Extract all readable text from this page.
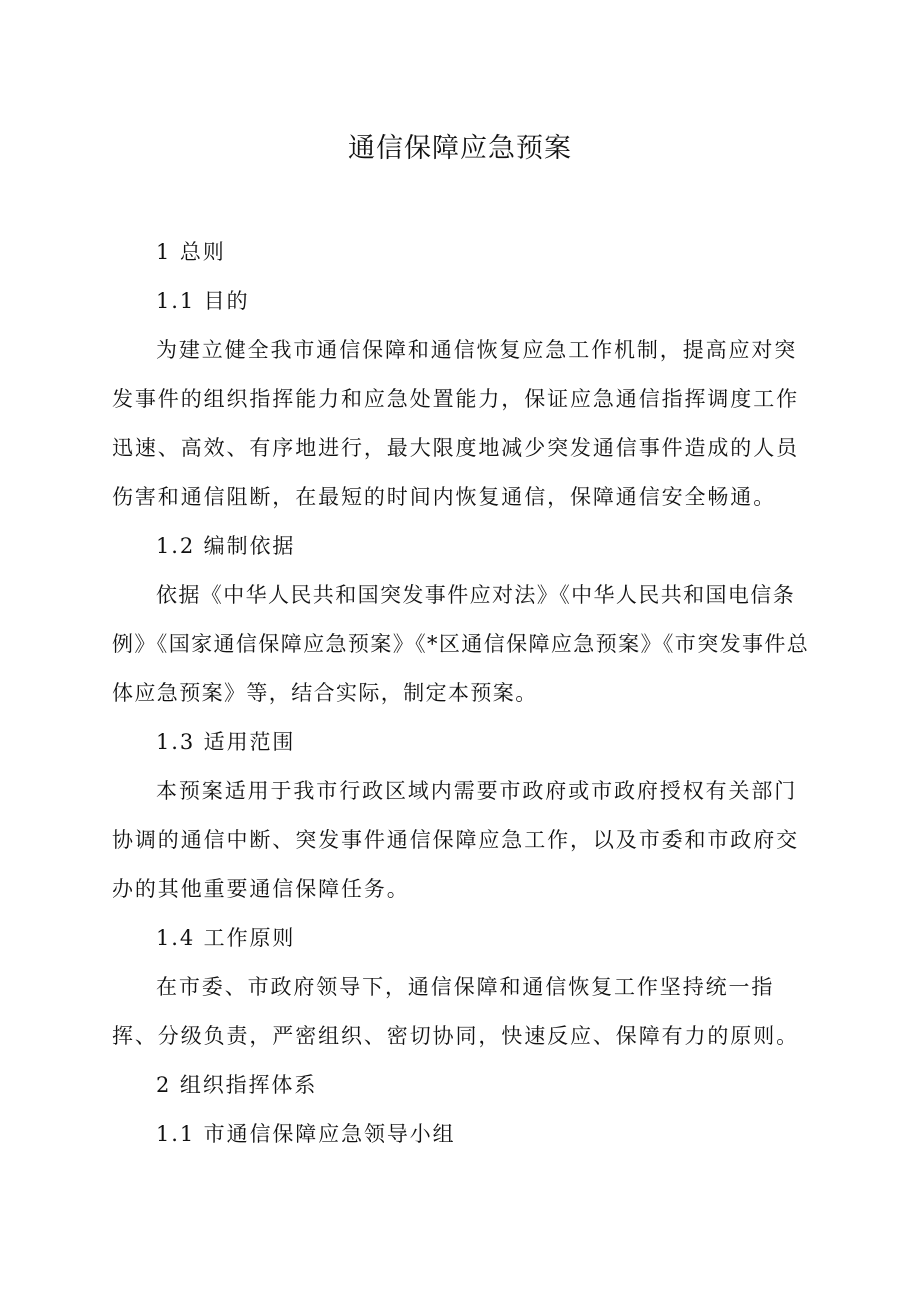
通信保障应急预案

1 总则

1.1 目的

为建立健全我市通信保障和通信恢复应急工作机制，提高应对突发事件的组织指挥能力和应急处置能力，保证应急通信指挥调度工作迅速、高效、有序地进行，最大限度地减少突发通信事件造成的人员伤害和通信阻断，在最短的时间内恢复通信，保障通信安全畅通。

1.2 编制依据

依据《中华人民共和国突发事件应对法》《中华人民共和国电信条例》《国家通信保障应急预案》《*区通信保障应急预案》《市突发事件总体应急预案》等，结合实际，制定本预案。

1.3 适用范围

本预案适用于我市行政区域内需要市政府或市政府授权有关部门协调的通信中断、突发事件通信保障应急工作，以及市委和市政府交办的其他重要通信保障任务。

1.4 工作原则

在市委、市政府领导下，通信保障和通信恢复工作坚持统一指挥、分级负责，严密组织、密切协同，快速反应、保障有力的原则。

2 组织指挥体系

1.1 市通信保障应急领导小组
